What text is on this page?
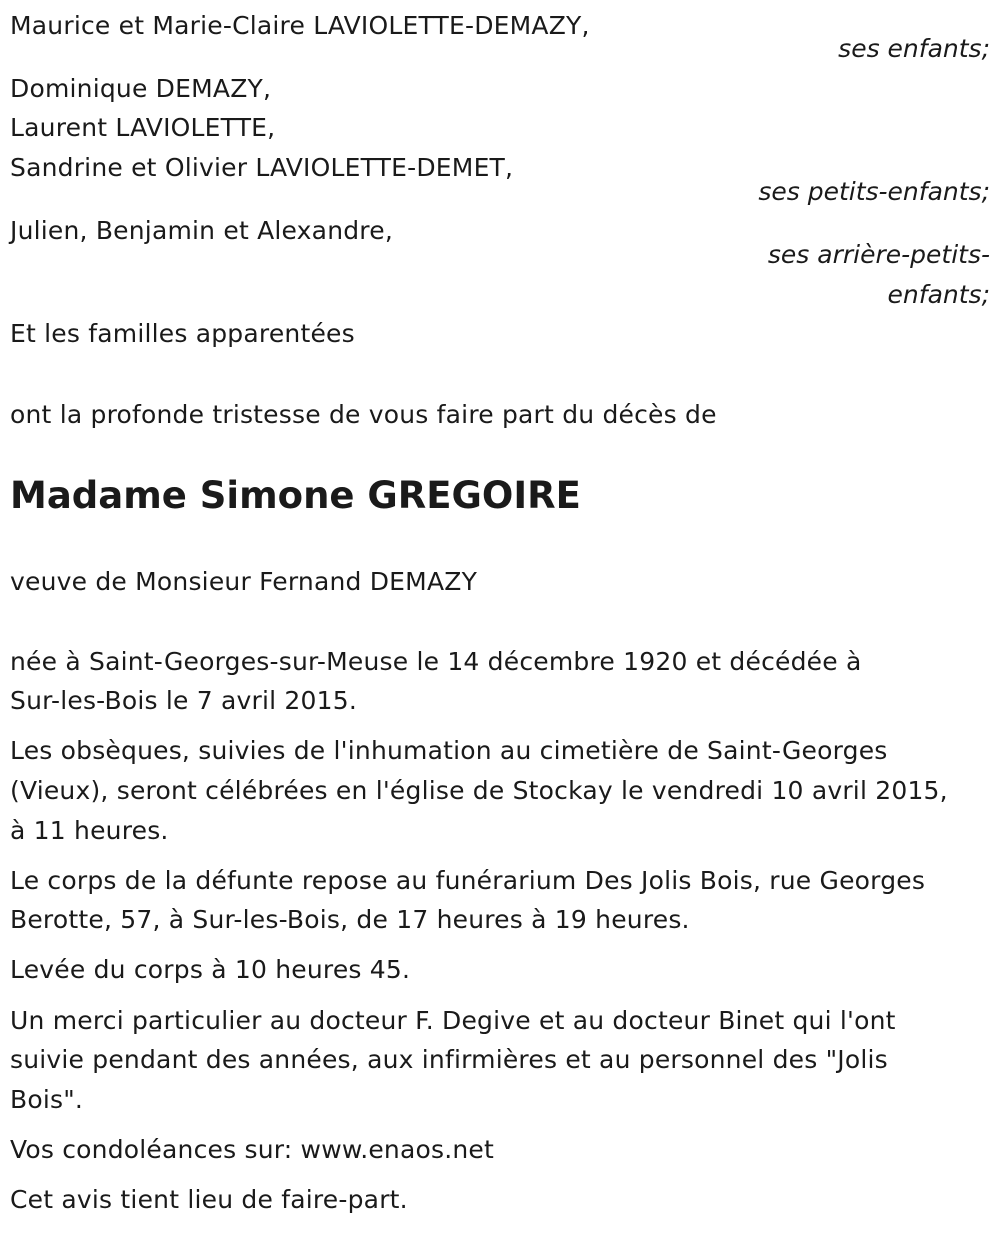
Maurice et Marie-Claire LAVIOLETTE-DEMAZY,
ses enfants;
Dominique DEMAZY,
Laurent LAVIOLETTE,
Sandrine et Olivier LAVIOLETTE-DEMET,
ses petits-enfants;
Julien, Benjamin et Alexandre,
ses arrière-petits-
enfants;
Et les familles apparentées
ont la profonde tristesse de vous faire part du décès de
Madame Simone GREGOIRE
veuve de Monsieur Fernand DEMAZY
née à Saint-Georges-sur-Meuse le 14 décembre 1920 et décédée à
Sur-les-Bois le 7 avril 2015.
Les obsèques, suivies de l'inhumation au cimetière de Saint-Georges
(Vieux), seront célébrées en l'église de Stockay le vendredi 10 avril 2015,
à 11 heures.
Le corps de la défunte repose au funérarium Des Jolis Bois, rue Georges
Berotte, 57, à Sur-les-Bois, de 17 heures à 19 heures.
Levée du corps à 10 heures 45.
Un merci particulier au docteur F. Degive et au docteur Binet qui l'ont
suivie pendant des années, aux infirmières et au personnel des "Jolis
Bois".
Vos condoléances sur: www.enaos.net
Cet avis tient lieu de faire-part.
